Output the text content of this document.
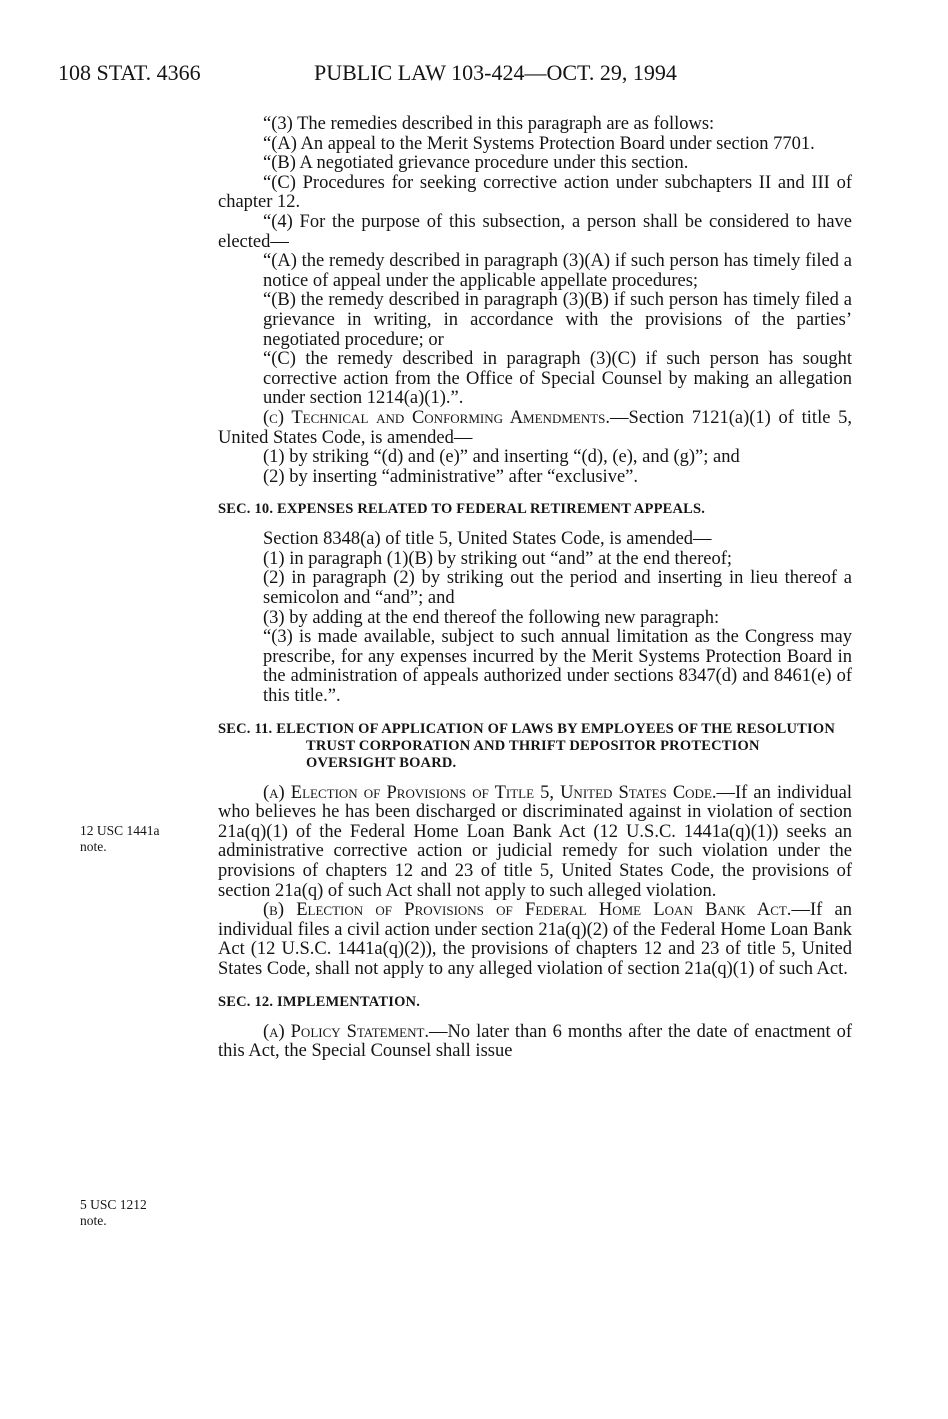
108 STAT. 4366	PUBLIC LAW 103-424—OCT. 29, 1994
12 USC 1441a note.
5 USC 1212 note.

“(3) The remedies described in this paragraph are as follows:

“(A) An appeal to the Merit Systems Protection Board under section 7701.

“(B) A negotiated grievance procedure under this section.

“(C) Procedures for seeking corrective action under subchapters II and III of chapter 12.

“(4) For the purpose of this subsection, a person shall be considered to have elected—

“(A) the remedy described in paragraph (3)(A) if such person has timely filed a notice of appeal under the applicable appellate procedures;

“(B) the remedy described in paragraph (3)(B) if such person has timely filed a grievance in writing, in accordance with the provisions of the parties’ negotiated procedure; or

“(C) the remedy described in paragraph (3)(C) if such person has sought corrective action from the Office of Special Counsel by making an allegation under section 1214(a)(1).”.

(c) Technical and Conforming Amendments.—Section 7121(a)(1) of title 5, United States Code, is amended—

(1) by striking “(d) and (e)” and inserting “(d), (e), and (g)”; and

(2) by inserting “administrative” after “exclusive”.

SEC. 10. EXPENSES RELATED TO FEDERAL RETIREMENT APPEALS.

Section 8348(a) of title 5, United States Code, is amended—

(1) in paragraph (1)(B) by striking out “and” at the end thereof;

(2) in paragraph (2) by striking out the period and inserting in lieu thereof a semicolon and “and”; and

(3) by adding at the end thereof the following new paragraph:

“(3) is made available, subject to such annual limitation as the Congress may prescribe, for any expenses incurred by the Merit Systems Protection Board in the administration of appeals authorized under sections 8347(d) and 8461(e) of this title.”.

SEC. 11. ELECTION OF APPLICATION OF LAWS BY EMPLOYEES OF THE RESOLUTION TRUST CORPORATION AND THRIFT DEPOSITOR PROTECTION OVERSIGHT BOARD.

(a) Election of Provisions of Title 5, United States Code.—If an individual who believes he has been discharged or discriminated against in violation of section 21a(q)(1) of the Federal Home Loan Bank Act (12 U.S.C. 1441a(q)(1)) seeks an administrative corrective action or judicial remedy for such violation under the provisions of chapters 12 and 23 of title 5, United States Code, the provisions of section 21a(q) of such Act shall not apply to such alleged violation.

(b) Election of Provisions of Federal Home Loan Bank Act.—If an individual files a civil action under section 21a(q)(2) of the Federal Home Loan Bank Act (12 U.S.C. 1441a(q)(2)), the provisions of chapters 12 and 23 of title 5, United States Code, shall not apply to any alleged violation of section 21a(q)(1) of such Act.

SEC. 12. IMPLEMENTATION.

(a) Policy Statement.—No later than 6 months after the date of enactment of this Act, the Special Counsel shall issue
